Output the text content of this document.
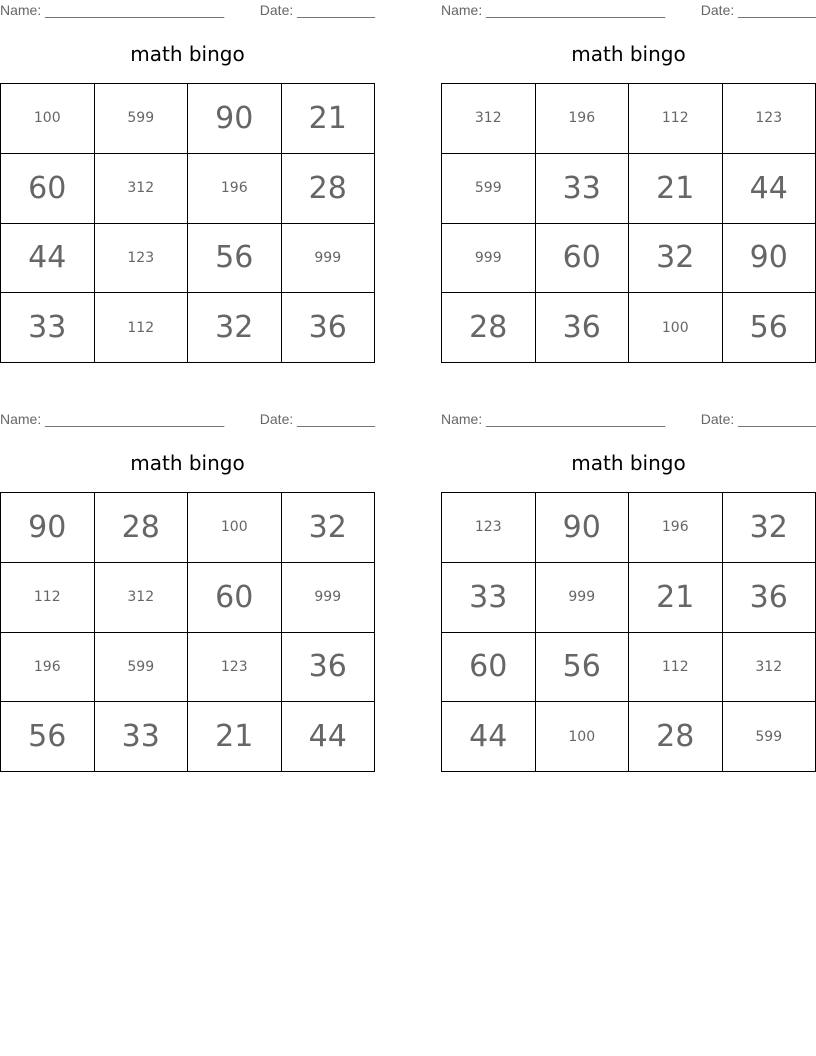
Name: _______________________	Date: __________
math bingo
100	599	90	21
60	312	196	28
44	123	56	999
33	112	32	36
Name: _______________________	Date: __________
math bingo
312	196	112	123
599	33	21	44
999	60	32	90
28	36	100	56
Name: _______________________	Date: __________
math bingo
90	28	100	32
112	312	60	999
196	599	123	36
56	33	21	44
Name: _______________________	Date: __________
math bingo
123	90	196	32
33	999	21	36
60	56	112	312
44	100	28	599
